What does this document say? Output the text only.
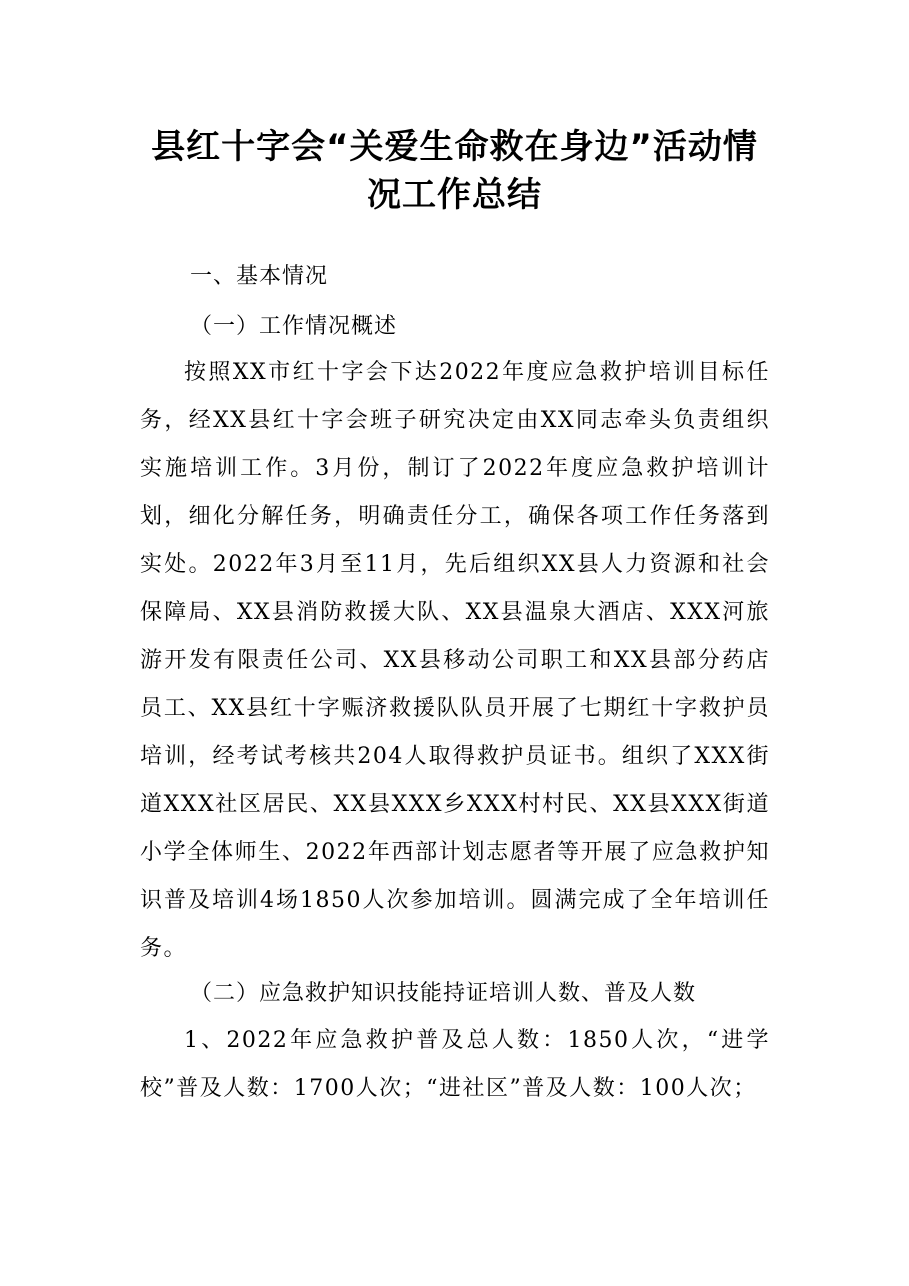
县红十字会“关爱生命救在身边”活动情
况工作总结
一、基本情况
（一）工作情况概述
按照XX市红十字会下达2022年度应急救护培训目标任务，经XX县红十字会班子研究决定由XX同志牵头负责组织实施培训工作。3月份，制订了2022年度应急救护培训计划，细化分解任务，明确责任分工，确保各项工作任务落到实处。2022年3月至11月，先后组织XX县人力资源和社会保障局、XX县消防救援大队、XX县温泉大酒店、XXX河旅游开发有限责任公司、XX县移动公司职工和XX县部分药店员工、XX县红十字赈济救援队队员开展了七期红十字救护员培训，经考试考核共204人取得救护员证书。组织了XXX街道XXX社区居民、XX县XXX乡XXX村村民、XX县XXX街道小学全体师生、2022年西部计划志愿者等开展了应急救护知识普及培训4场1850人次参加培训。圆满完成了全年培训任务。
（二）应急救护知识技能持证培训人数、普及人数
1、2022年应急救护普及总人数：1850人次，“进学校”普及人数：1700人次；“进社区”普及人数：100人次；
